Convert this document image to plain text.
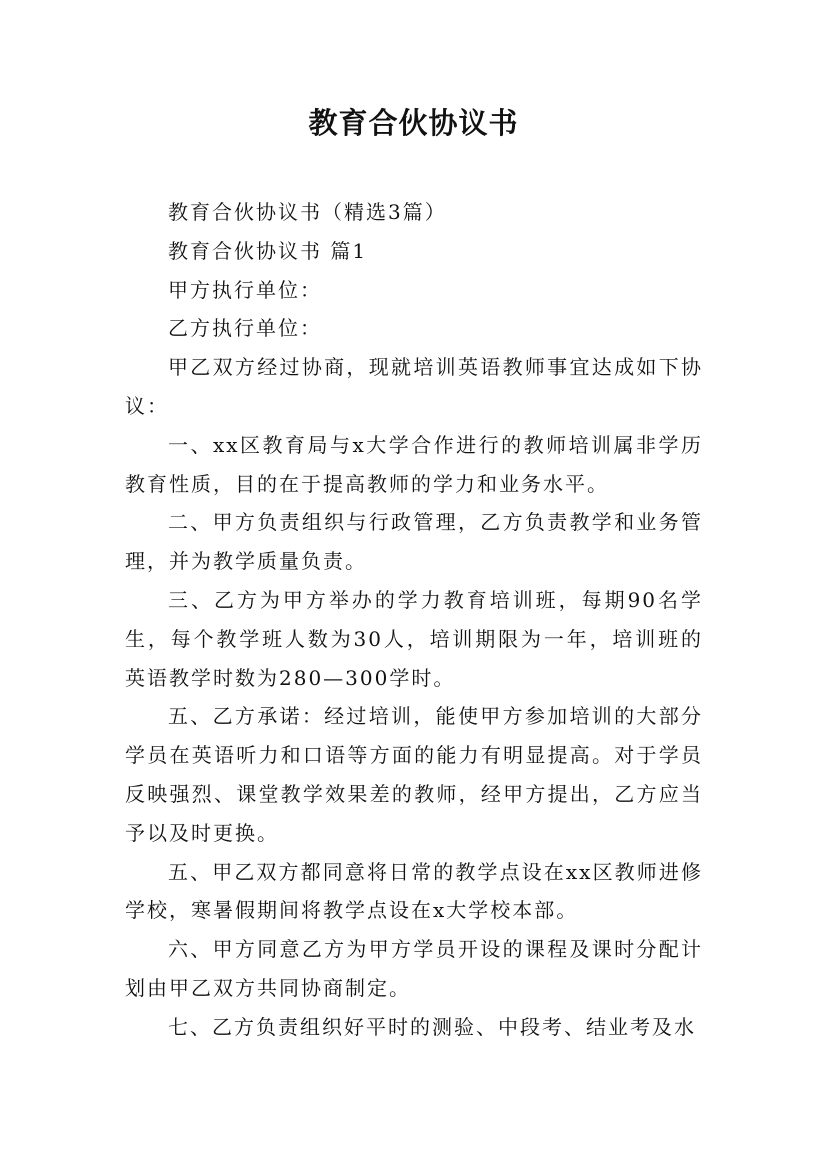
教育合伙协议书

教育合伙协议书（精选3篇）

教育合伙协议书 篇1

甲方执行单位：

乙方执行单位：

甲乙双方经过协商，现就培训英语教师事宜达成如下协议：

一、xx区教育局与x大学合作进行的教师培训属非学历教育性质，目的在于提高教师的学力和业务水平。

二、甲方负责组织与行政管理，乙方负责教学和业务管理，并为教学质量负责。

三、乙方为甲方举办的学力教育培训班，每期90名学生，每个教学班人数为30人，培训期限为一年，培训班的英语教学时数为280—300学时。

五、乙方承诺：经过培训，能使甲方参加培训的大部分学员在英语听力和口语等方面的能力有明显提高。对于学员反映强烈、课堂教学效果差的教师，经甲方提出，乙方应当予以及时更换。

五、甲乙双方都同意将日常的教学点设在xx区教师进修学校，寒暑假期间将教学点设在x大学校本部。

六、甲方同意乙方为甲方学员开设的课程及课时分配计划由甲乙双方共同协商制定。

七、乙方负责组织好平时的测验、中段考、结业考及水
